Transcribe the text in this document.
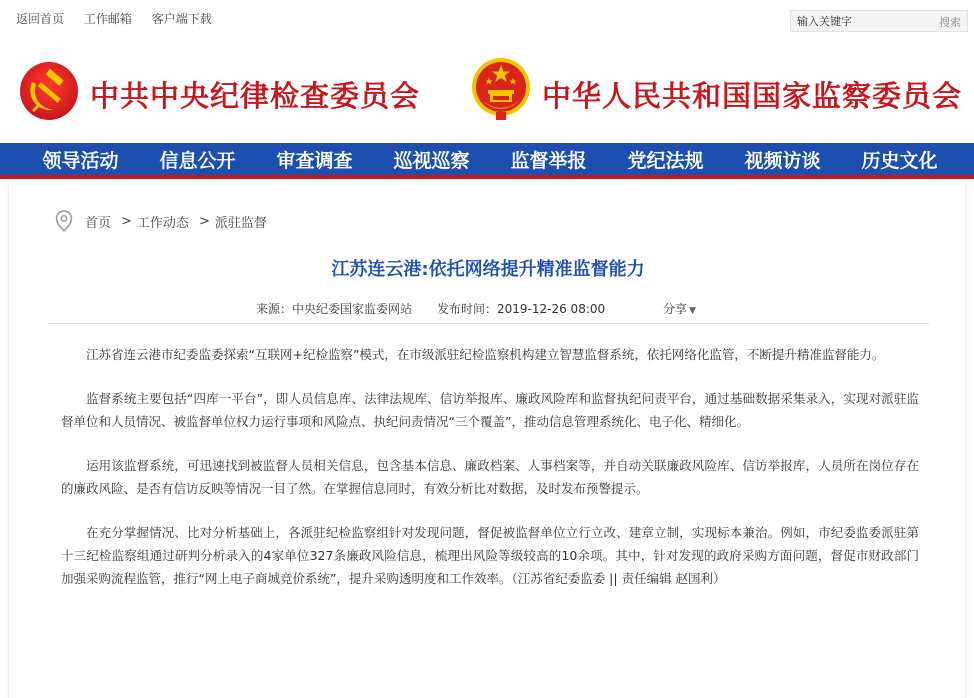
返回首页 工作邮箱 客户端下载
输入关键字	搜索
中共中央纪律检查委员会	中华人民共和国国家监察委员会
领导活动	信息公开	审查调查	巡视巡察	监督举报	党纪法规	视频访谈	历史文化
首页 > 工作动态 > 派驻监督
江苏连云港:依托网络提升精准监督能力
来源：中央纪委国家监委网站 发布时间：2019-12-26 08:00	分享 ▼

江苏省连云港市纪委监委探索“互联网+纪检监察”模式，在市级派驻纪检监察机构建立智慧监督系统，依托网络化监管，不断提升精准监督能力。

监督系统主要包括“四库一平台”，即人员信息库、法律法规库、信访举报库、廉政风险库和监督执纪问责平台，通过基础数据采集录入，实现对派驻监督单位和人员情况、被监督单位权力运行事项和风险点、执纪问责情况“三个覆盖”，推动信息管理系统化、电子化、精细化。

运用该监督系统，可迅速找到被监督人员相关信息，包含基本信息、廉政档案、人事档案等，并自动关联廉政风险库、信访举报库，人员所在岗位存在的廉政风险、是否有信访反映等情况一目了然。在掌握信息同时，有效分析比对数据，及时发布预警提示。

在充分掌握情况、比对分析基础上，各派驻纪检监察组针对发现问题，督促被监督单位立行立改、建章立制，实现标本兼治。例如，市纪委监委派驻第十三纪检监察组通过研判分析录入的4家单位327条廉政风险信息，梳理出风险等级较高的10余项。其中，针对发现的政府采购方面问题，督促市财政部门加强采购流程监管，推行“网上电子商城竞价系统”，提升采购透明度和工作效率。（江苏省纪委监委 || 责任编辑 赵国利）
